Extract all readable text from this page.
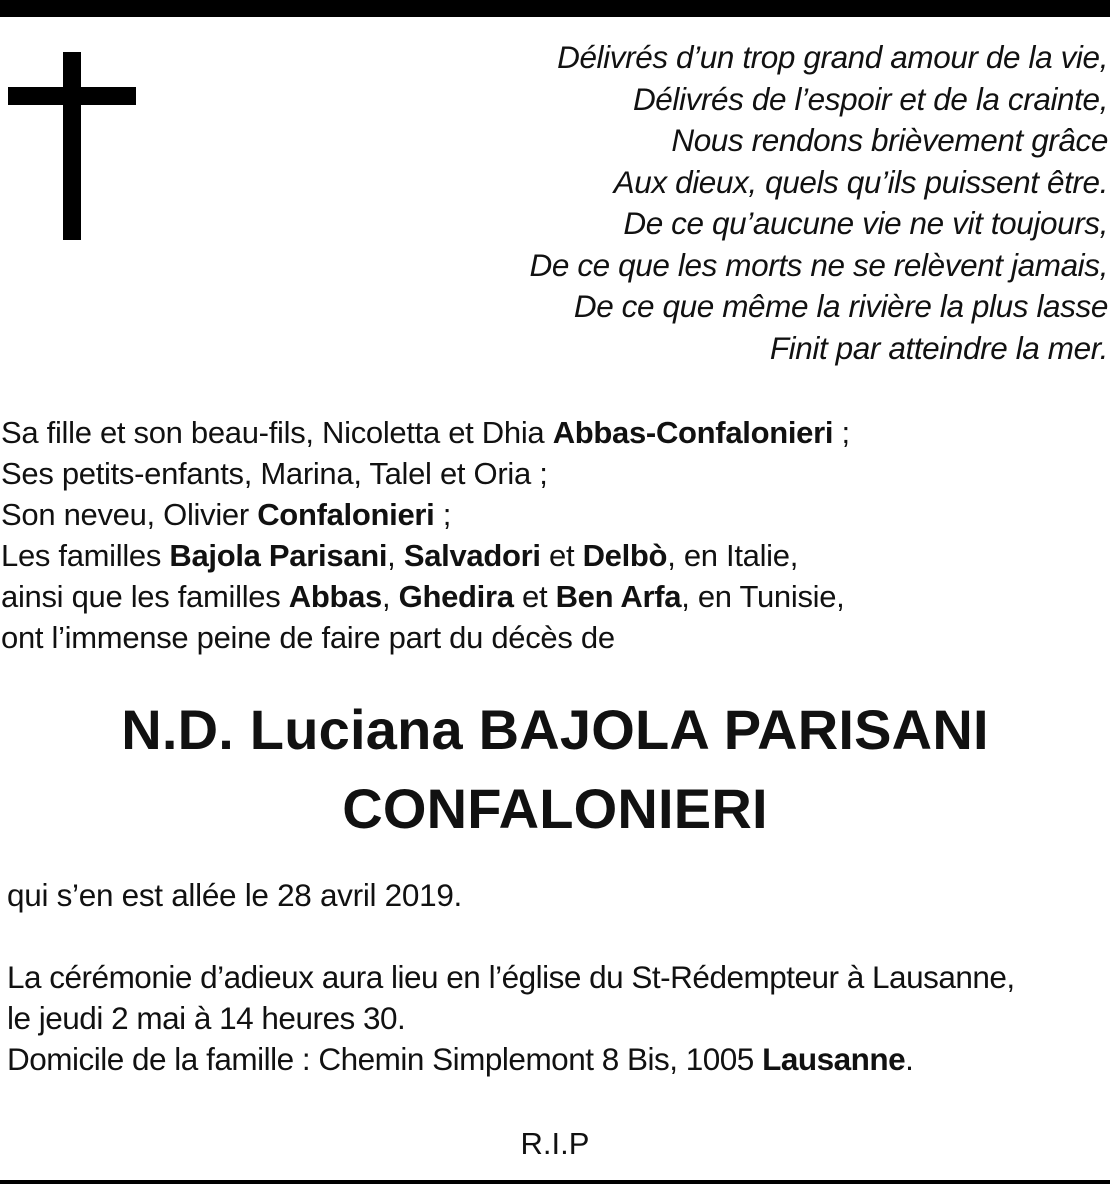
Délivrés d’un trop grand amour de la vie,
Délivrés de l’espoir et de la crainte,
Nous rendons brièvement grâce
Aux dieux, quels qu’ils puissent être.
De ce qu’aucune vie ne vit toujours,
De ce que les morts ne se relèvent jamais,
De ce que même la rivière la plus lasse
Finit par atteindre la mer.
Sa fille et son beau-fils, Nicoletta et Dhia Abbas-Confalonieri ;
Ses petits-enfants, Marina, Talel et Oria ;
Son neveu, Olivier Confalonieri ;
Les familles Bajola Parisani, Salvadori et Delbò, en Italie,
ainsi que les familles Abbas, Ghedira et Ben Arfa, en Tunisie,
ont l’immense peine de faire part du décès de
N.D. Luciana BAJOLA PARISANI
CONFALONIERI
qui s’en est allée le 28 avril 2019.
La cérémonie d’adieux aura lieu en l’église du St-Rédempteur à Lausanne,
le jeudi 2 mai à 14 heures 30.
Domicile de la famille : Chemin Simplemont 8 Bis, 1005 Lausanne.
R.I.P
